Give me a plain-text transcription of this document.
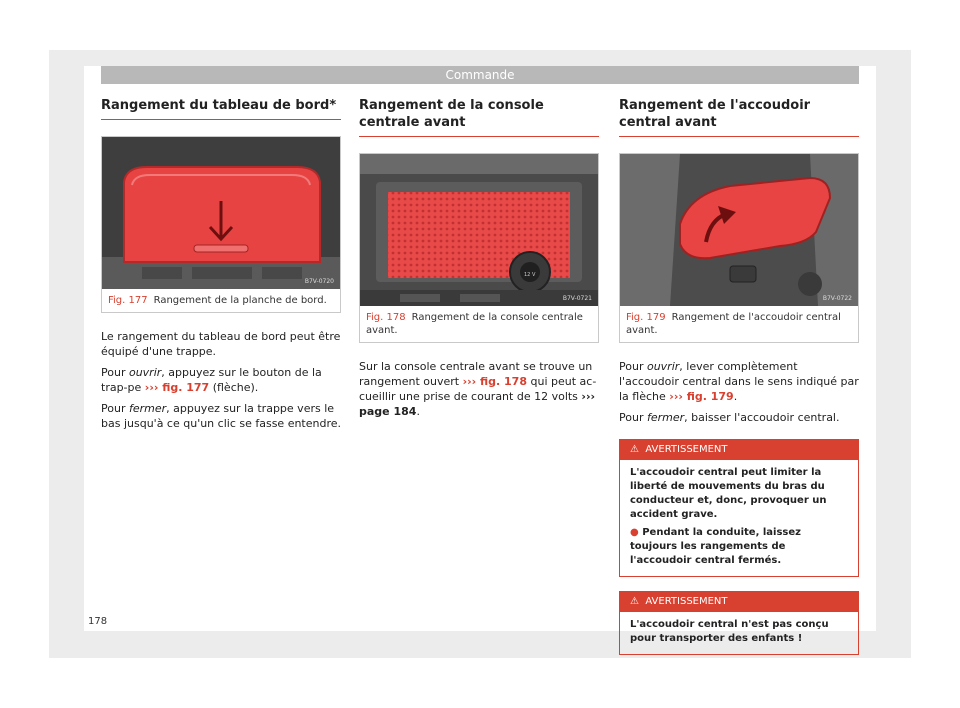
Commande
Rangement du tableau de bord*
B7V-0720
Fig. 177 Rangement de la planche de bord.

Le rangement du tableau de bord peut être équipé d'une trappe.

Pour ouvrir, appuyez sur le bouton de la trap-pe ››› fig. 177 (flèche).

Pour fermer, appuyez sur la trappe vers le bas jusqu'à ce qu'un clic se fasse entendre.

Rangement de la console centrale avant
12 V
B7V-0721
Fig. 178 Rangement de la console centrale avant.

Sur la console centrale avant se trouve un rangement ouvert ››› fig. 178 qui peut ac-cueillir une prise de courant de 12 volts ››› page 184.

Rangement de l'accoudoir central avant
B7V-0722
Fig. 179 Rangement de l'accoudoir central avant.

Pour ouvrir, lever complètement l'accoudoir central dans le sens indiqué par la flèche ››› fig. 179.

Pour fermer, baisser l'accoudoir central.

⚠ AVERTISSEMENT
L'accoudoir central peut limiter la liberté de mouvements du bras du conducteur et, donc, provoquer un accident grave.
● Pendant la conduite, laissez toujours les rangements de l'accoudoir central fermés.
⚠ AVERTISSEMENT
L'accoudoir central n'est pas conçu pour transporter des enfants !
178
